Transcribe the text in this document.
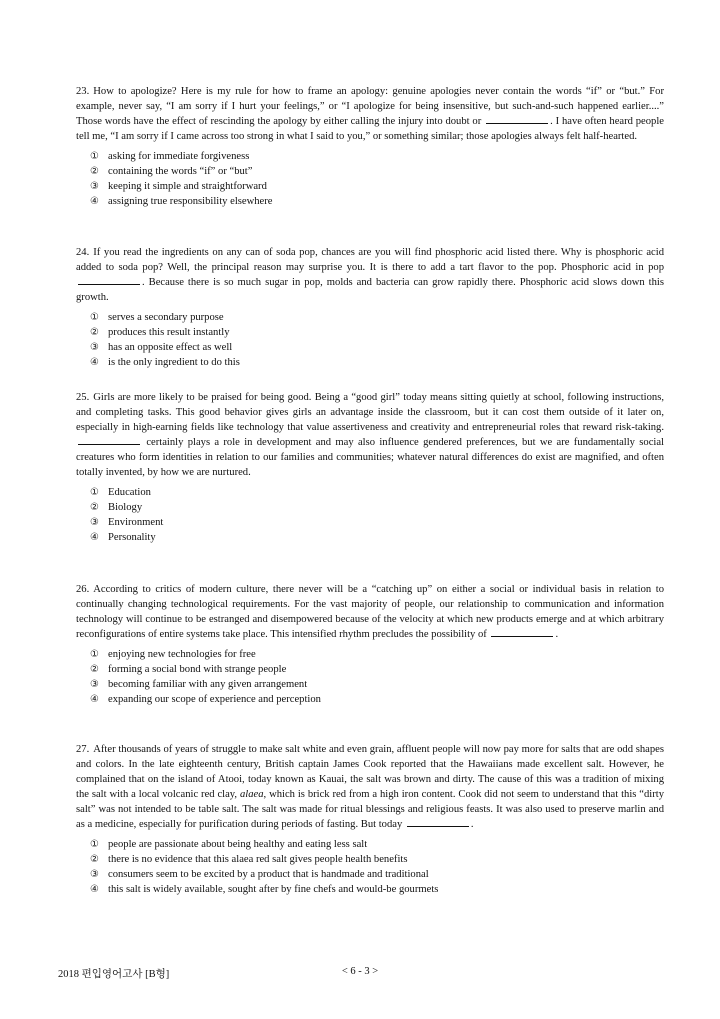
23. How to apologize? Here is my rule for how to frame an apology: genuine apologies never contain the words “if” or “but.” For example, never say, “I am sorry if I hurt your feelings,” or “I apologize for being insensitive, but such-and-such happened earlier....” Those words have the effect of rescinding the apology by either calling the injury into doubt or	. I have often heard people tell me, “I am sorry if I came across too strong in what I said to you,” or something similar; those apologies always felt half-hearted.

① asking for immediate forgiveness
② containing the words “if” or “but”
③ keeping it simple and straightforward
④ assigning true responsibility elsewhere

24. If you read the ingredients on any can of soda pop, chances are you will find phosphoric acid listed there. Why is phosphoric acid added to soda pop? Well, the principal reason may surprise you. It is there to add a tart flavor to the pop. Phosphoric acid in pop . Because there is so much sugar in pop, molds and bacteria can grow rapidly there. Phosphoric acid slows down this growth.

① serves a secondary purpose
② produces this result instantly
③ has an opposite effect as well
④ is the only ingredient to do this

25. Girls are more likely to be praised for being good. Being a “good girl” today means sitting quietly at school, following instructions, and completing tasks. This good behavior gives girls an advantage inside the classroom, but it can cost them outside of it later on, especially in high-earning fields like technology that value assertiveness and creativity and entrepreneurial roles that reward risk-taking.  certainly plays a role in development and may also influence gendered preferences, but we are fundamentally social creatures who form identities in relation to our families and communities; whatever natural differences do exist are magnified, and often totally invented, by how we are nurtured.

① Education
② Biology
③ Environment
④ Personality

26. According to critics of modern culture, there never will be a “catching up” on either a social or individual basis in relation to continually changing technological requirements. For the vast majority of people, our relationship to communication and information technology will continue to be estranged and disempowered because of the velocity at which new products emerge and at which arbitrary reconfigurations of entire systems take place. This intensified rhythm precludes the possibility of	.

① enjoying new technologies for free
② forming a social bond with strange people
③ becoming familiar with any given arrangement
④ expanding our scope of experience and perception

27. After thousands of years of struggle to make salt white and even grain, affluent people will now pay more for salts that are odd shapes and colors. In the late eighteenth century, British captain James Cook reported that the Hawaiians made excellent salt. However, he complained that on the island of Atooi, today known as Kauai, the salt was brown and dirty. The cause of this was a tradition of mixing the salt with a local volcanic red clay, alaea, which is brick red from a high iron content. Cook did not seem to understand that this “dirty salt” was not intended to be table salt. The salt was made for ritual blessings and religious feasts. It was also used to preserve marlin and as a medicine, especially for purification during periods of fasting. But today	.

① people are passionate about being healthy and eating less salt
② there is no evidence that this alaea red salt gives people health benefits
③ consumers seem to be excited by a product that is handmade and traditional
④ this salt is widely available, sought after by fine chefs and would-be gourmets
2018 편입영어고사 [B형]	< 6 - 3 >
